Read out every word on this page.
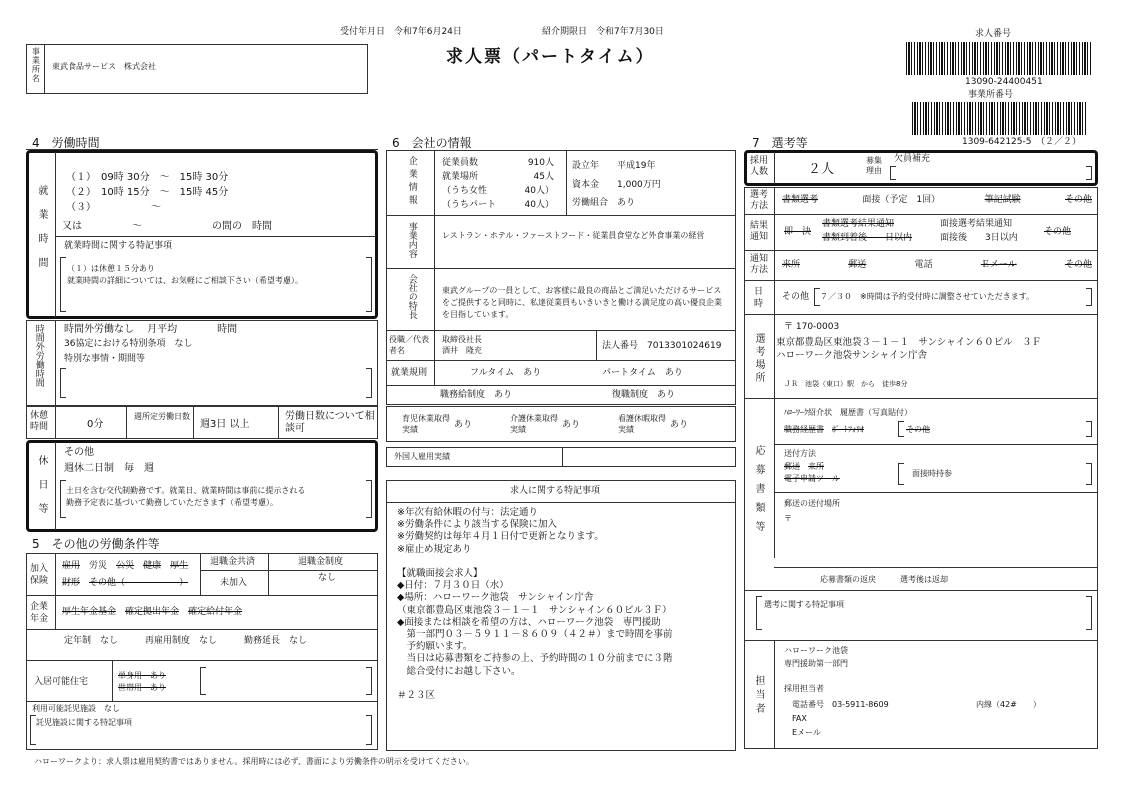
受付年月日　令和7年6月24日	紹介期限日　令和7年7月30日
求人票（パートタイム）
求人番号
13090-24400451
事業所番号
1309-642125-5　（２／２）
事業所名 東武食品サービス　株式会社
4　労働時間
就業時間
（１）　09時 30分　〜　15時 30分
（２）　10時 15分　〜　15時 45分
（３）　　　　　　〜
又は　　　　　〜　　　　　　　の間の　時間
就業時間に関する特記事項
（１）は休憩１５分あり
就業時間の詳細については、お気軽にご相談下さい（希望考慮）。
時間外労働時間 時間外労働なし　 月平均　　　　時間
36協定における特別条項　なし
特別な事情・期間等
休憩時間	0分
週所定労働日数
週3日 以上
労働日数について相談可
休日等
その他
週休二日制　毎　週
土日を含む交代制勤務です。就業日、就業時間は事前に提示される
勤務予定表に基づいて勤務していただきます（希望考慮）。
5　その他の労働条件等
加入保険
雇用　 労災　 公災　 健康　 厚生
財形　 その他（　　　　　　	）
退職金共済
未加入
退職金制度
なし
企業年金
厚生年金基金　 確定拠出年金　 確定給付年金
定年制　なし　　　再雇用制度　なし　　　勤務延長　なし
入居可能住宅
単身用　あり
世帯用　あり
利用可能託児施設　なし
託児施設に関する特記事項
6　会社の情報
企業情報	従業員数	910人
就業場所	45人
（うち女性	40人）
（うちパート	40人）
設立年　　平成19年
資本金　　1,000万円
労働組合　あり
事業内容	レストラン・ホテル・ファーストフード・従業員食堂など外食事業の経営
会社の特長	東武グループの一員として、お客様に最良の商品とご満足いただけるサービスをご提供すると同時に、私達従業員もいきいきと働ける満足度の高い優良企業を目指しています。
役職／代表者名
取締役社長
酒井　隆充	法人番号　7013301024619
就業規則	フルタイム　あり	パートタイム　あり
職務給制度　あり	復職制度　あり
育児休業取得実績	あり
介護休業取得実績	あり
看護休暇取得実績	あり
外国人雇用実績
求人に関する特記事項
※年次有給休暇の付与：法定通り
※労働条件により該当する保険に加入
※労働契約は毎年４月１日付で更新となります。
※雇止め規定あり

【就職面接会求人】
◆日付：７月３０日（水）
◆場所：ハローワーク池袋　サンシャイン庁舎
（東京都豊島区東池袋３－１－１　サンシャイン６０ビル３Ｆ）
◆面接または相談を希望の方は、ハローワーク池袋　専門援助
　第一部門０３－５９１１－８６０９（４２＃）まで時間を事前
　予約願います。
　当日は応募書類をご持参の上、予約時間の１０分前までに３階
　総合受付にお越し下さい。

＃２３区
7　選考等
採用人数	２人
募集理由
欠員補充
選考方法
書類選考	面接（予定　1回）	筆記試験	その他
結果通知	即　決
書類選考結果通知
書類到着後　　日以内
面接選考結果通知
面接後　　3日以内
その他
通知方法	来所	郵送	電話	Ｅメール	その他
日時
その他 ７／３０　※時間は予約受付時に調整させていただきます。
選考場所
〒 170-0003
東京都豊島区東池袋３－１－１　サンシャイン６０ビル　３Ｆ
ハローワーク池袋サンシャイン庁舎
ＪＲ　池袋（東口）駅　から　徒歩8分
応募書類等
ﾊﾛｰﾜｰｸ紹介状　履歴書（写真貼付）
職務経歴書　 ﾎﾟｰﾄﾌｫﾘｵ	その他
送付方法
郵送　 来所
電子申請ツール
面接時持参
郵送の送付場所
〒
応募書類の返戻　　　選考後は返却
選考に関する特記事項
担当者
ハローワーク池袋
専門援助第一部門
採用担当者
電話番号　03-5911-8609	内線（42#　　）
FAX
Eメール
ハローワークより：求人票は雇用契約書ではありません。採用時には必ず、書面により労働条件の明示を受けてください。
